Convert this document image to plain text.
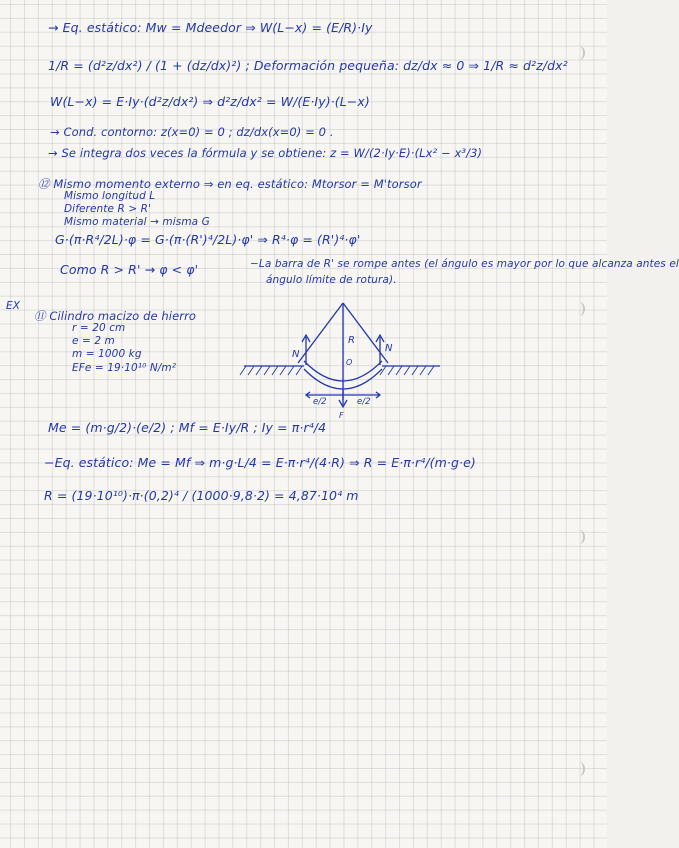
→ Eq. estático: Mw = Mdeedor ⇒ W(L−x) = (E/R)·Iy
1/R = (d²z/dx²) / (1 + (dz/dx)²) ; Deformación pequeña: dz/dx ≈ 0 ⇒ 1/R ≈ d²z/dx²
W(L−x) = E·Iy·(d²z/dx²) ⇒ d²z/dx² = W/(E·Iy)·(L−x)
→ Cond. contorno: z(x=0) = 0 ; dz/dx(x=0) = 0 .
→ Se integra dos veces la fórmula y se obtiene: z = W/(2·Iy·E)·(Lx² − x³/3)
⑫ Mismo momento externo ⇒ en eq. estático: Mtorsor = M'torsor
Mismo longitud L
Diferente R > R'
Mismo material → misma G
G·(π·R⁴/2L)·φ = G·(π·(R')⁴/2L)·φ' ⇒ R⁴·φ = (R')⁴·φ'
Como R > R' → φ < φ'	−La barra de R' se rompe antes (el ángulo es mayor por lo que alcanza antes el
ángulo límite de rotura).
EX
⑪ Cilindro macizo de hierro
r = 20 cm
e = 2 m
m = 1000 kg
EFe = 19·10¹⁰ N/m²
N
N
R
O
e/2	e/2
F
Me = (m·g/2)·(e/2) ; Mf = E·Iy/R ; Iy = π·r⁴/4
−Eq. estático: Me = Mf ⇒ m·g·L/4 = E·π·r⁴/(4·R) ⇒ R = E·π·r⁴/(m·g·e)
R = (19·10¹⁰)·π·(0,2)⁴ / (1000·9,8·2) = 4,87·10⁴ m
